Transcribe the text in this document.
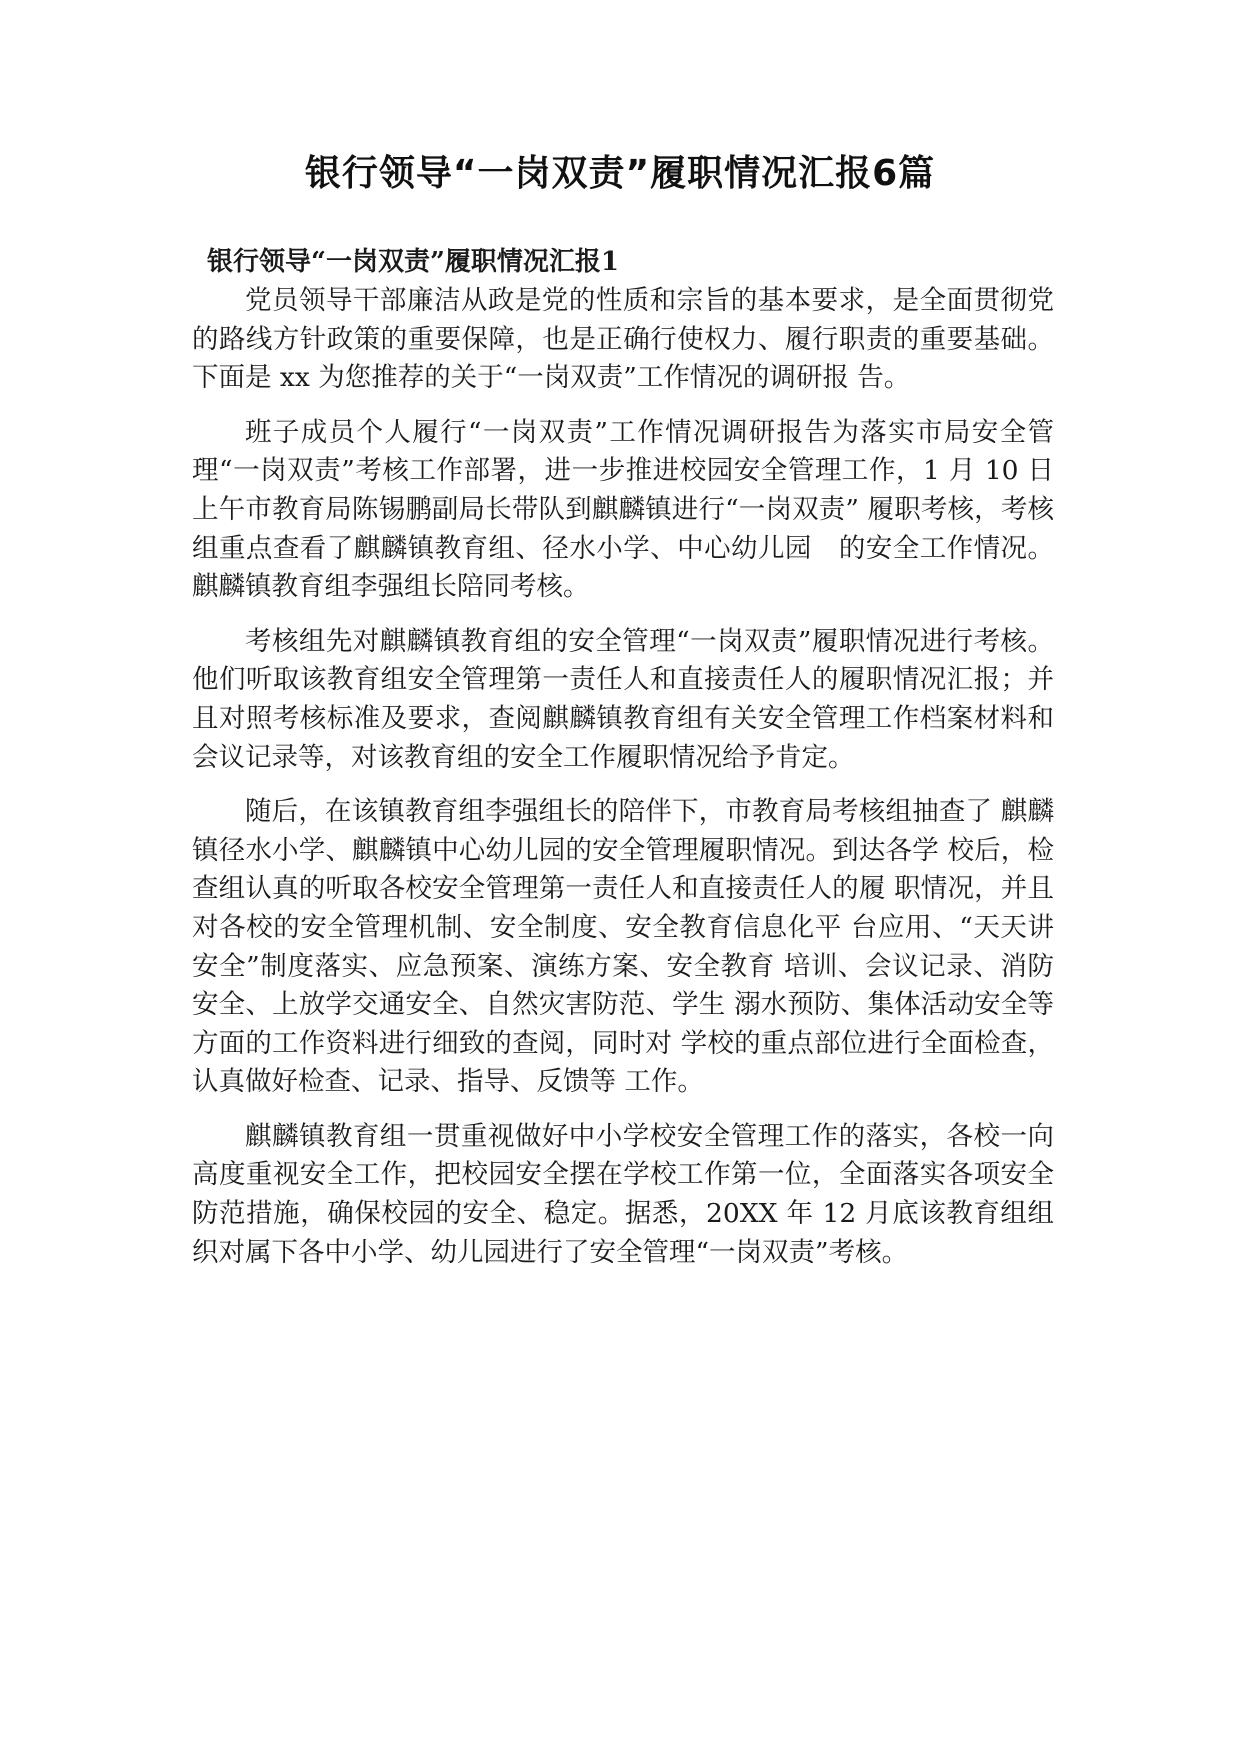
银行领导“一岗双责”履职情况汇报6篇
银行领导“一岗双责”履职情况汇报1

党员领导干部廉洁从政是党的性质和宗旨的基本要求，是全面贯彻党的路线方针政策的重要保障，也是正确行使权力、履行职责的重要基础。下面是 xx 为您推荐的关于“一岗双责”工作情况的调研报 告。

班子成员个人履行“一岗双责”工作情况调研报告为落实市局安全管理“一岗双责”考核工作部署，进一步推进校园安全管理工作，1 月 10 日上午市教育局陈锡鹏副局长带队到麒麟镇进行“一岗双责” 履职考核，考核组重点查看了麒麟镇教育组、径水小学、中心幼儿园　的安全工作情况。麒麟镇教育组李强组长陪同考核。

考核组先对麒麟镇教育组的安全管理“一岗双责”履职情况进行考核。他们听取该教育组安全管理第一责任人和直接责任人的履职情况汇报；并且对照考核标准及要求，查阅麒麟镇教育组有关安全管理工作档案材料和会议记录等，对该教育组的安全工作履职情况给予肯定。

随后，在该镇教育组李强组长的陪伴下，市教育局考核组抽查了 麒麟镇径水小学、麒麟镇中心幼儿园的安全管理履职情况。到达各学 校后，检查组认真的听取各校安全管理第一责任人和直接责任人的履 职情况，并且对各校的安全管理机制、安全制度、安全教育信息化平 台应用、“天天讲安全”制度落实、应急预案、演练方案、安全教育 培训、会议记录、消防安全、上放学交通安全、自然灾害防范、学生 溺水预防、集体活动安全等方面的工作资料进行细致的查阅，同时对 学校的重点部位进行全面检查，认真做好检查、记录、指导、反馈等 工作。

麒麟镇教育组一贯重视做好中小学校安全管理工作的落实，各校一向高度重视安全工作，把校园安全摆在学校工作第一位，全面落实各项安全防范措施，确保校园的安全、稳定。据悉，20XX 年 12 月底该教育组组织对属下各中小学、幼儿园进行了安全管理“一岗双责”考核。
